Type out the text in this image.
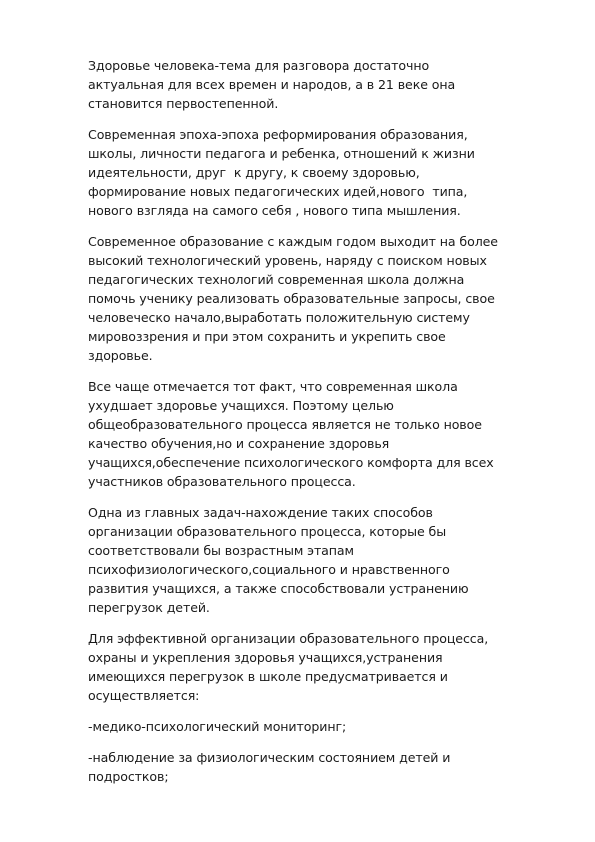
Здоровье человека-тема для разговора достаточно
актуальная для всех времен и народов, а в 21 веке она
становится первостепенной.

Современная эпоха-эпоха реформирования образования,
школы, личности педагога и ребенка, отношений к жизни
идеятельности, друг  к другу, к своему здоровью,
формирование новых педагогических идей,нового  типа,
нового взгляда на самого себя , нового типа мышления.

Современное образование с каждым годом выходит на более
высокий технологический уровень, наряду с поиском новых
педагогических технологий современная школа должна
помочь ученику реализовать образовательные запросы, свое
человеческо начало,выработать положительную систему
мировоззрения и при этом сохранить и укрепить свое
здоровье.

Все чаще отмечается тот факт, что современная школа
ухудшает здоровье учащихся. Поэтому целью
общеобразовательного процесса является не только новое
качество обучения,но и сохранение здоровья
учащихся,обеспечение психологического комфорта для всех
участников образовательного процесса.

Одна из главных задач-нахождение таких способов
организации образовательного процесса, которые бы
соответствовали бы возрастным этапам
психофизиологического,социального и нравственного
развития учащихся, а также способствовали устранению
перегрузок детей.

Для эффективной организации образовательного процесса,
охраны и укрепления здоровья учащихся,устранения
имеющихся перегрузок в школе предусматривается и
осуществляется:

-медико-психологический мониторинг;

-наблюдение за физиологическим состоянием детей и
подростков;
